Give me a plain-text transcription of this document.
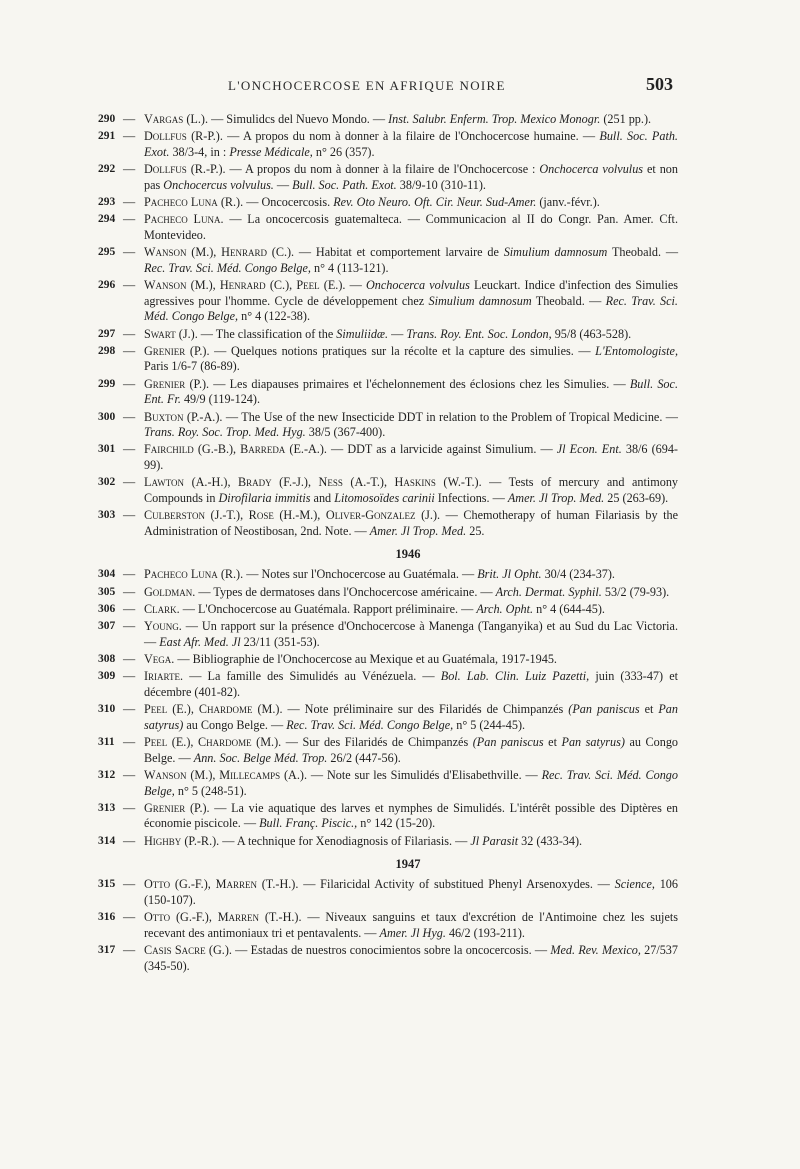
L'ONCHOCERCOSE EN AFRIQUE NOIRE	503
290 — Vargas (L.). — Simulidcs del Nuevo Mondo. — Inst. Salubr. Enferm. Trop. Mexico Monogr. (251 pp.).
291 — Dollfus (R-P.). — A propos du nom à donner à la filaire de l'Onchocercose humaine. — Bull. Soc. Path. Exot. 38/3-4, in : Presse Médicale, n° 26 (357).
292 — Dollfus (R.-P.). — A propos du nom à donner à la filaire de l'Onchocercose : Onchocerca volvulus et non pas Onchocercus volvulus. — Bull. Soc. Path. Exot. 38/9-10 (310-11).
293 — Pacheco Luna (R.). — Oncocercosis. Rev. Oto Neuro. Oft. Cir. Neur. Sud-Amer. (janv.-févr.).
294 — Pacheco Luna. — La oncocercosis guatemalteca. — Communicacion al II do Congr. Pan. Amer. Cft. Montevideo.
295 — Wanson (M.), Henrard (C.). — Habitat et comportement larvaire de Simulium damnosum Theobald. — Rec. Trav. Sci. Méd. Congo Belge, n° 4 (113-121).
296 — Wanson (M.), Henrard (C.), Peel (E.). — Onchocerca volvulus Leuckart. Indice d'infection des Simulies agressives pour l'homme. Cycle de développement chez Simulium damnosum Theobald. — Rec. Trav. Sci. Méd. Congo Belge, n° 4 (122-38).
297 — Swart (J.). — The classification of the Simuliidæ. — Trans. Roy. Ent. Soc. London, 95/8 (463-528).
298 — Grenier (P.). — Quelques notions pratiques sur la récolte et la capture des simulies. — L'Entomologiste, Paris 1/6-7 (86-89).
299 — Grenier (P.). — Les diapauses primaires et l'échelonnement des éclosions chez les Simulies. — Bull. Soc. Ent. Fr. 49/9 (119-124).
300 — Buxton (P.-A.). — The Use of the new Insecticide DDT in relation to the Problem of Tropical Medicine. — Trans. Roy. Soc. Trop. Med. Hyg. 38/5 (367-400).
301 — Fairchild (G.-B.), Barreda (E.-A.). — DDT as a larvicide against Simulium. — Jl Econ. Ent. 38/6 (694-99).
302 — Lawton (A.-H.), Brady (F.-J.), Ness (A.-T.), Haskins (W.-T.). — Tests of mercury and antimony Compounds in Dirofilaria immitis and Litomosoïdes carinii Infections. — Amer. Jl Trop. Med. 25 (263-69).
303 — Culberston (J.-T.), Rose (H.-M.), Oliver-Gonzalez (J.). — Chemotherapy of human Filariasis by the Administration of Neostibosan, 2nd. Note. — Amer. Jl Trop. Med. 25.
1946
304 — Pacheco Luna (R.). — Notes sur l'Onchocercose au Guatémala. — Brit. Jl Opht. 30/4 (234-37).
305 — Goldman. — Types de dermatoses dans l'Onchocercose américaine. — Arch. Dermat. Syphil. 53/2 (79-93).
306 — Clark. — L'Onchocercose au Guatémala. Rapport préliminaire. — Arch. Opht. n° 4 (644-45).
307 — Young. — Un rapport sur la présence d'Onchocercose à Manenga (Tanganyika) et au Sud du Lac Victoria. — East Afr. Med. Jl 23/11 (351-53).
308 — Vega. — Bibliographie de l'Onchocercose au Mexique et au Guatémala, 1917-1945.
309 — Iriarte. — La famille des Simulidés au Vénézuela. — Bol. Lab. Clin. Luiz Pazetti, juin (333-47) et décembre (401-82).
310 — Peel (E.), Chardome (M.). — Note préliminaire sur des Filaridés de Chimpanzés (Pan paniscus et Pan satyrus) au Congo Belge. — Rec. Trav. Sci. Méd. Congo Belge, n° 5 (244-45).
311 — Peel (E.), Chardome (M.). — Sur des Filaridés de Chimpanzés (Pan paniscus et Pan satyrus) au Congo Belge. — Ann. Soc. Belge Méd. Trop. 26/2 (447-56).
312 — Wanson (M.), Millecamps (A.). — Note sur les Simulidés d'Elisabethville. — Rec. Trav. Sci. Méd. Congo Belge, n° 5 (248-51).
313 — Grenier (P.). — La vie aquatique des larves et nymphes de Simulidés. L'intérêt possible des Diptères en économie piscicole. — Bull. Franç. Piscic., n° 142 (15-20).
314 — Highby (P.-R.). — A technique for Xenodiagnosis of Filariasis. — Jl Parasit 32 (433-34).
1947
315 — Otto (G.-F.), Marren (T.-H.). — Filaricidal Activity of substitued Phenyl Arsenoxydes. — Science, 106 (150-107).
316 — Otto (G.-F.), Marren (T.-H.). — Niveaux sanguins et taux d'excrétion de l'Antimoine chez les sujets recevant des antimoniaux tri et pentavalents. — Amer. Jl Hyg. 46/2 (193-211).
317 — Casis Sacre (G.). — Estadas de nuestros conocimientos sobre la oncocercosis. — Med. Rev. Mexico, 27/537 (345-50).
